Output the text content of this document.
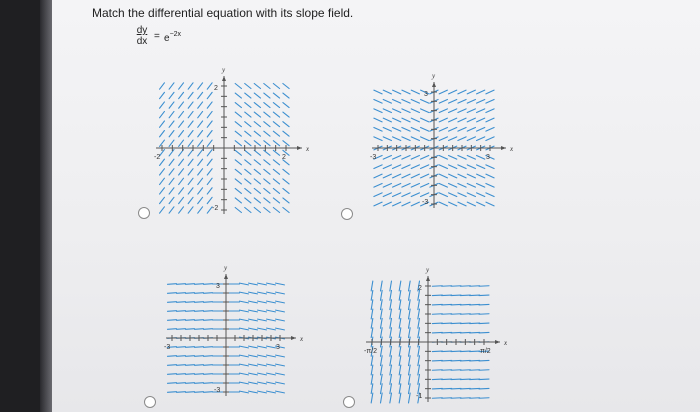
Match the differential equation with its slope field.
$\frac{dy}{dx} = e^{-2x}$
x
y
-2	2
2
-2
x
y
-3	3
3
-3
x
y
-3	3
3
-3
x
y
-π/2	π/2
2
-1
